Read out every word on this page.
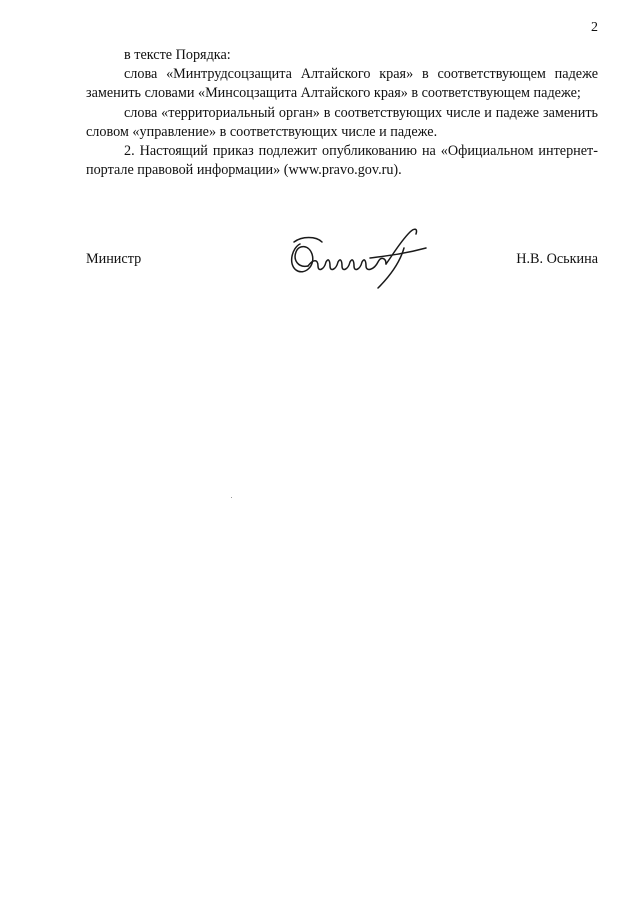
2

в тексте Порядка:

слова «Минтрудсоцзащита Алтайского края» в соответствующем падеже заменить словами «Минсоцзащита Алтайского края» в соответствующем падеже;

слова «территориальный орган» в соответствующих числе и падеже заменить словом «управление» в соответствующих числе и падеже.

2. Настоящий приказ подлежит опубликованию на «Официальном интернет-портале правовой информации» (www.pravo.gov.ru).

Министр	Н.В. Оськина
